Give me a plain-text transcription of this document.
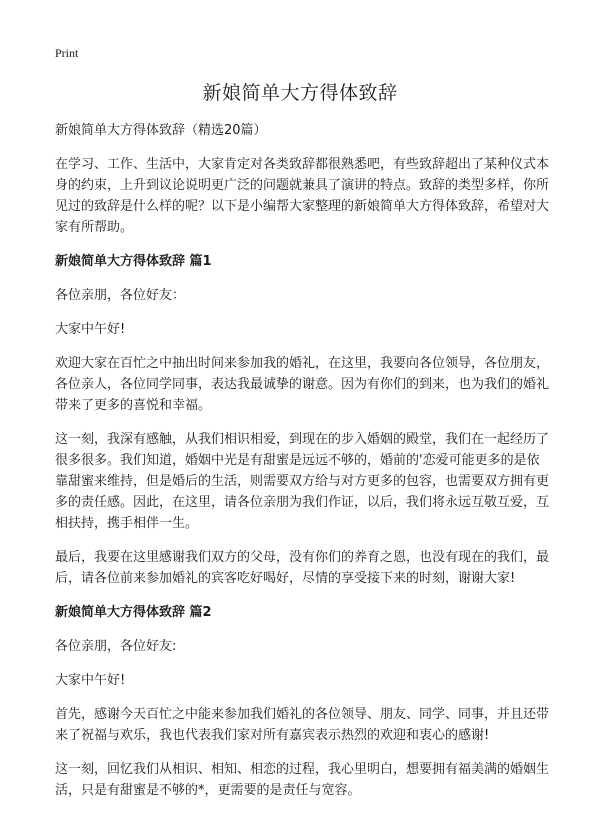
Print
新娘简单大方得体致辞

新娘简单大方得体致辞（精选20篇）

在学习、工作、生活中，大家肯定对各类致辞都很熟悉吧，有些致辞超出了某种仪式本身的约束，上升到议论说明更广泛的问题就兼具了演讲的特点。致辞的类型多样，你所见过的致辞是什么样的呢？以下是小编帮大家整理的新娘简单大方得体致辞，希望对大家有所帮助。

新娘简单大方得体致辞 篇1

各位亲朋，各位好友：

大家中午好!

欢迎大家在百忙之中抽出时间来参加我的婚礼，在这里，我要向各位领导，各位朋友，各位亲人，各位同学同事，表达我最诚挚的谢意。因为有你们的到来，也为我们的婚礼带来了更多的喜悦和幸福。

这一刻，我深有感触，从我们相识相爱，到现在的步入婚姻的殿堂，我们在一起经历了很多很多。我们知道，婚姻中光是有甜蜜是远远不够的，婚前的'恋爱可能更多的是依靠甜蜜来维持，但是婚后的生活，则需要双方给与对方更多的包容，也需要双方拥有更多的责任感。因此，在这里，请各位亲朋为我们作证，以后，我们将永远互敬互爱，互相扶持，携手相伴一生。

最后，我要在这里感谢我们双方的父母，没有你们的养育之恩，也没有现在的我们，最后，请各位前来参加婚礼的宾客吃好喝好，尽情的享受接下来的时刻，谢谢大家!

新娘简单大方得体致辞 篇2

各位亲朋，各位好友:

大家中午好!

首先，感谢今天百忙之中能来参加我们婚礼的各位领导、朋友、同学、同事，并且还带来了祝福与欢乐，我也代表我们家对所有嘉宾表示热烈的欢迎和衷心的感谢!

这一刻，回忆我们从相识、相知、相恋的过程，我心里明白，想要拥有福美满的婚姻生活，只是有甜蜜是不够的*，更需要的是责任与宽容。
